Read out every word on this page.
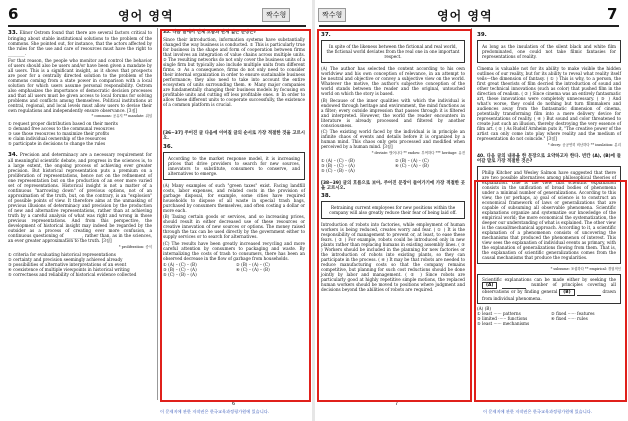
6	영어 영역	짝수형

33. Elinor Ostrom found that there are several factors critical to bringing about stable institutional solutions to the problem of the commons. She pointed out, for instance, that the actors affected by the rules for the use and care of resources must have the right to ________.

For that reason, the people who monitor and control the behavior of users should also be users and/or have been given a mandate by all users. This is a significant insight, as it shows that prospects are poor for a centrally directed solution to the problem of the commons coming from a state power in comparison with a local solution for which users assume personal responsibility. Ostrom also emphasizes the importance of democratic decision processes and that all users must be given access to local forums for solving problems and conflicts among themselves. Political institutions at central, regional, and local levels must allow users to devise their own regulations and independently ensure observance. [3점]

* commons: 공유지 ** mandate: 위임
① request proper distribution based on their merits
② demand free access to the communal resources
③ use those resources to maximize their profits
④ claim individual ownership of the resources
⑤ participate in decisions to change the rules

34. Precision and determinacy are a necessary requirement for all meaningful scientific debate, and progress in the sciences is, to a large extent, the ongoing process of achieving ever greater precision. But historical representation puts a premium on a proliferation of representations, hence not on the refinement of one representation but on the production of an ever more varied set of representations. Historical insight is not a matter of a continuous "narrowing down" of previous options, not of an approximation of the truth, but, on the contrary, is an "explosion" of possible points of view. It therefore aims at the unmasking of previous illusions of determinacy and precision by the production of new and alternative representations, rather than at achieving truth by a careful analysis of what was right and wrong in those previous representations. And from this perspective, the development of historical insight may indeed be regarded by the outsider as a process of creating ever more confusion, a continuous questioning of ________, rather than, as in the sciences, an ever greater approximation to the truth. [3점]

* proliferation: 증식
① criteria for evaluating historical representations
② certainty and precision seemingly achieved already
③ possibilities of alternative interpretations of an event
④ coexistence of multiple viewpoints in historical writing
⑤ correctness and reliability of historical evidence collected
35. 다음 글에서 전체 흐름과 관계 없는 문장은?

Since their introduction, information systems have substantially changed the way business is conducted. ① This is particularly true for business in the shape and form of cooperation between firms that involves an integration of value chains across multiple units. ② The resulting networks do not only cover the business units of a single firm but typically also include multiple units from different firms. ③ As a consequence, firms do not only need to consider their internal organization in order to ensure sustainable business performance; they also need to take into account the entire ecosystem of units surrounding them. ④ Many major companies are fundamentally changing their business models by focusing on profitable units and cutting off less profitable ones. ⑤ In order to allow these different units to cooperate successfully, the existence of a common platform is crucial.

[36~37] 주어진 글 다음에 이어질 글의 순서로 가장 적절한 것을 고르시오.
36.
According to the market response model, it is increasing prices that drive providers to search for new sources, innovators to substitute, consumers to conserve, and alternatives to emerge.

(A) Many examples of such "green taxes" exist. Facing landfill costs, labor expenses, and related costs in the provision of garbage disposal, for example, some cities have required households to dispose of all waste in special trash bags, purchased by consumers themselves, and often costing a dollar or more each.

(B) Taxing certain goods or services, and so increasing prices, should result in either decreased use of these resources or creative innovation of new sources or options. The money raised through the tax can be used directly by the government either to supply services or to search for alternatives.

(C) The results have been greatly increased recycling and more careful attention by consumers to packaging and waste. By internalizing the costs of trash to consumers, there has been an observed decrease in the flow of garbage from households.

① (A) – (C) – (B)	② (B) – (A) – (C)
③ (B) – (C) – (A)	④ (C) – (A) – (B)
⑤ (C) – (B) – (A)
6
이 문제지에 관한 저작권은 한국교육과정평가원에 있습니다.
짝수형	영어 영역	7
37.
In spite of the likeness between the fictional and real world, the fictional world deviates from the real one in one important respect.

(A) The author has selected the content according to his own worldview and his own conception of relevance, in an attempt to be neutral and objective or convey a subjective view on the world. Whatever the motive, the author's subjective conception of the world stands between the reader and the original, untouched world on which the story is based.

(B) Because of the inner qualities with which the individual is endowed through heritage and environment, the mind functions as a filter; every outside impression that passes through it is filtered and interpreted. However, the world the reader encounters in literature is already processed and filtered by another consciousness.

(C) The existing world faced by the individual is in principle an infinite chaos of events and details before it is organized by a human mind. This chaos only gets processed and modified when perceived by a human mind. [3점]

* deviate: 벗어나다 ** endow: 부여하다 *** heritage: 유전
① (A) – (C) – (B)	② (B) – (A) – (C)
③ (B) – (C) – (A)	④ (C) – (A) – (B)
⑤ (C) – (B) – (A)
[38~39] 글의 흐름으로 보아, 주어진 문장이 들어가기에 가장 적절한 곳을 고르시오.
38.
Retraining current employees for new positions within the company will also greatly reduce their fear of being laid off.

Introduction of robots into factories, while employment of human workers is being reduced, creates worry and fear. ( ① ) It is the responsibility of management to prevent or, at least, to ease these fears. ( ② ) For example, robots could be introduced only in new plants rather than replacing humans in existing assembly lines. ( ③ ) Workers should be included in the planning for new factories or the introduction of robots into existing plants, so they can participate in the process. ( ④ ) It may be that robots are needed to reduce manufacturing costs so that the company remains competitive, but planning for such cost reductions should be done jointly by labor and management. ( ⑤ ) Since robots are particularly good at highly repetitive simple motions, the replaced human workers should be moved to positions where judgment and decisions beyond the abilities of robots are required.

39.
As long as the insulation of the silent black and white film predominated, one could not take filmic fantasies for representations of reality.

Cinema is valuable not for its ability to make visible the hidden outlines of our reality, but for its ability to reveal what reality itself veils—the dimension of fantasy. ( ① ) This is why, to a person, the first great theorists of film decried the introduction of sound and other technical innovations (such as color) that pushed film in the direction of realism. ( ② ) Since cinema was an entirely fantasmatic art, these innovations were completely unnecessary. ( ③ ) And what's worse, they could do nothing but turn filmmakers and audiences away from the fantasmatic dimension of cinema, potentially transforming film into a mere delivery device for representations of reality. ( ④ ) But sound and color threatened to create just such an illusion, thereby destroying the very essence of film art. ( ⑤ ) As Rudolf Arnheim puts it, "The creative power of the artist can only come into play where reality and the medium of representation do not coincide." [3점]

* decry: 공공연히 비난하다 ** insulation: 분리
40. 다음 글의 내용을 한 문장으로 요약하고자 한다. 빈칸 (A), (B)에 들어갈 말로 가장 적절한 것은?
Philip Kitcher and Wesley Salmon have suggested that there are two possible alternatives among philosophical theories of explanation. One is the view that scientific explanation consists in the unification of broad bodies of phenomena under a minimal number of generalizations. According to this view, the (or perhaps, a) goal of science is to construct an economical framework of laws or generalizations that are capable of subsuming all observable phenomena. Scientific explanations organize and systematize our knowledge of the empirical world; the more economical the systematization, the deeper our understanding of what is explained. The other view is the causal/mechanical approach. According to it, a scientific explanation of a phenomenon consists of uncovering the mechanisms that produced the phenomenon of interest. This view sees the explanation of individual events as primary, with the explanation of generalizations flowing from them. That is, the explanation of scientific generalizations comes from the causal mechanisms that produce the regularities.
* subsume: 포섭하다 ** empirical: 경험적인
Scientific explanations can be made either by seeking the (A)	number of principles covering all observations or by finding general (B)	drawn from individual phenomena.
(A) (B)
① least ······ patterns	② fixed ······ features
③ limited ······ functions	④ fixed ······ rules
⑤ least ······ mechanisms
7
이 문제지에 관한 저작권은 한국교육과정평가원에 있습니다.
